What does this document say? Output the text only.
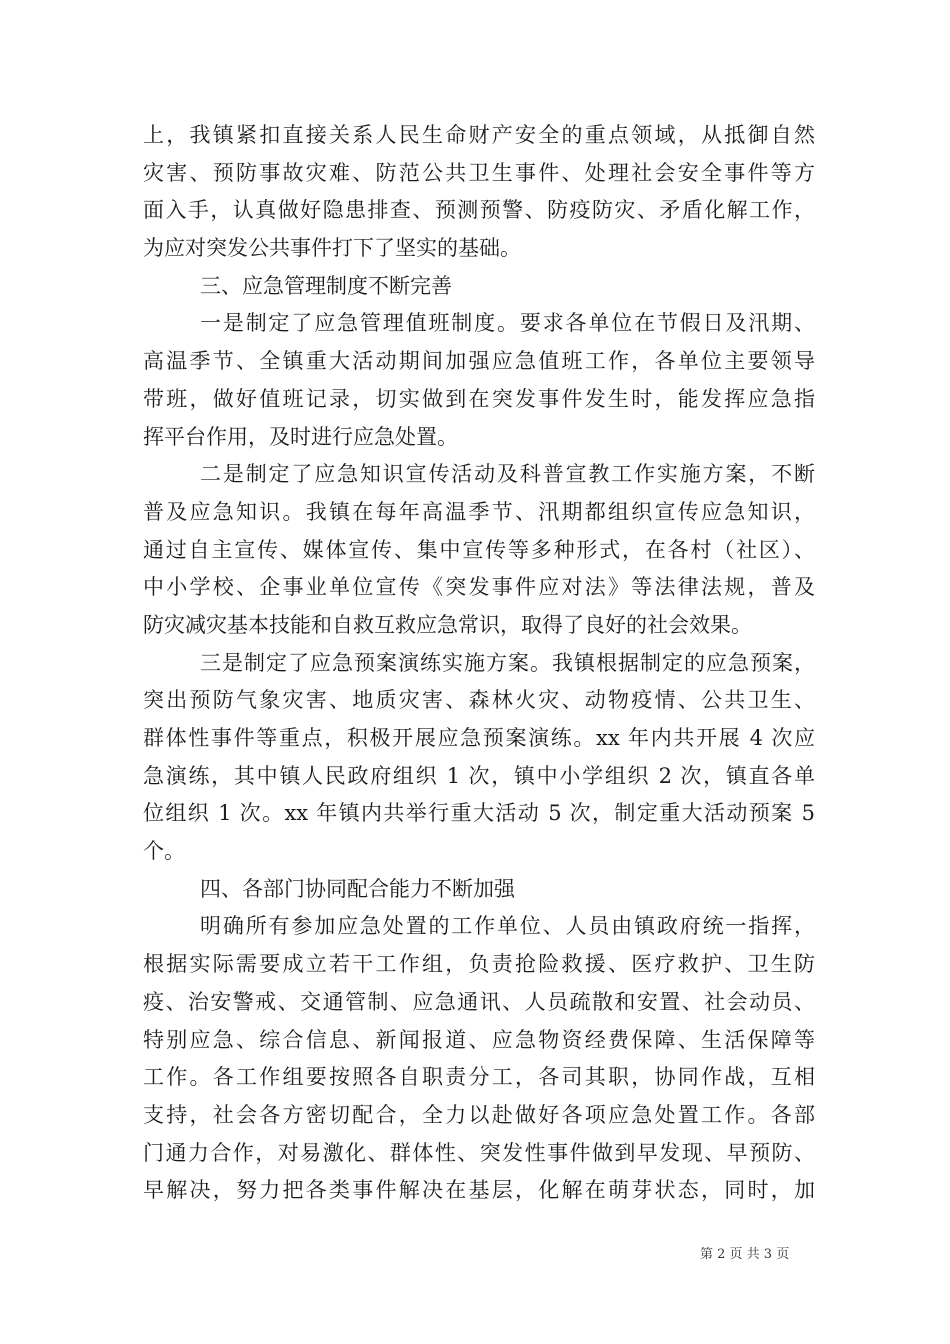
上，我镇紧扣直接关系人民生命财产安全的重点领域，从抵御自然
灾害、预防事故灾难、防范公共卫生事件、处理社会安全事件等方
面入手，认真做好隐患排查、预测预警、防疫防灾、矛盾化解工作，
为应对突发公共事件打下了坚实的基础。
三、应急管理制度不断完善
一是制定了应急管理值班制度。要求各单位在节假日及汛期、
高温季节、全镇重大活动期间加强应急值班工作，各单位主要领导
带班，做好值班记录，切实做到在突发事件发生时，能发挥应急指
挥平台作用，及时进行应急处置。
二是制定了应急知识宣传活动及科普宣教工作实施方案，不断
普及应急知识。我镇在每年高温季节、汛期都组织宣传应急知识，
通过自主宣传、媒体宣传、集中宣传等多种形式，在各村（社区）、
中小学校、企事业单位宣传《突发事件应对法》等法律法规，普及
防灾减灾基本技能和自救互救应急常识，取得了良好的社会效果。
三是制定了应急预案演练实施方案。我镇根据制定的应急预案，
突出预防气象灾害、地质灾害、森林火灾、动物疫情、公共卫生、
群体性事件等重点，积极开展应急预案演练。xx 年内共开展 4 次应
急演练，其中镇人民政府组织 1 次，镇中小学组织 2 次，镇直各单
位组织 1 次。xx 年镇内共举行重大活动 5 次，制定重大活动预案 5
个。
四、各部门协同配合能力不断加强
明确所有参加应急处置的工作单位、人员由镇政府统一指挥，
根据实际需要成立若干工作组，负责抢险救援、医疗救护、卫生防
疫、治安警戒、交通管制、应急通讯、人员疏散和安置、社会动员、
特别应急、综合信息、新闻报道、应急物资经费保障、生活保障等
工作。各工作组要按照各自职责分工，各司其职，协同作战，互相
支持，社会各方密切配合，全力以赴做好各项应急处置工作。各部
门通力合作，对易激化、群体性、突发性事件做到早发现、早预防、
早解决，努力把各类事件解决在基层，化解在萌芽状态，同时，加
第 2 页 共 3 页
